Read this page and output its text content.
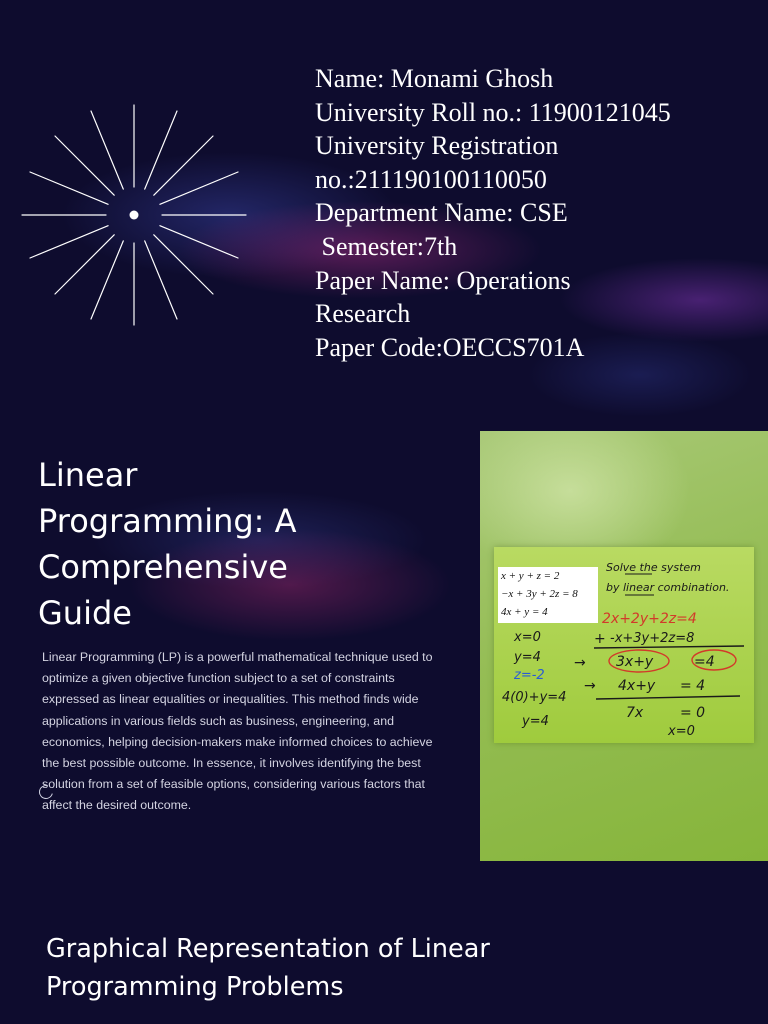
Name: Monami Ghosh
University Roll no.: 11900121045
University Registration
no.:211190100110050
Department Name: CSE
Semester:7th
Paper Name: Operations
Research
Paper Code:OECCS701A
Linear
Programming: A
Comprehensive
Guide
Linear Programming (LP) is a powerful mathematical technique used to optimize a given objective function subject to a set of constraints expressed as linear equalities or inequalities. This method finds wide applications in various fields such as business, engineering, and economics, helping decision-makers make informed choices to achieve the best possible outcome. In essence, it involves identifying the best solution from a set of feasible options, considering various factors that affect the desired outcome.
x + y + z = 2
−x + 3y + 2z = 8
4x + y = 4
Solve the system
by linear combination.
2x+2y+2z=4
+ -x+3y+2z=8
x=0
y=4
z=-2
4(0)+y=4
y=4
→ 3x+y	=4
→ 4x+y = 4
7x	= 0
x=0
Graphical Representation of Linear
Programming Problems
